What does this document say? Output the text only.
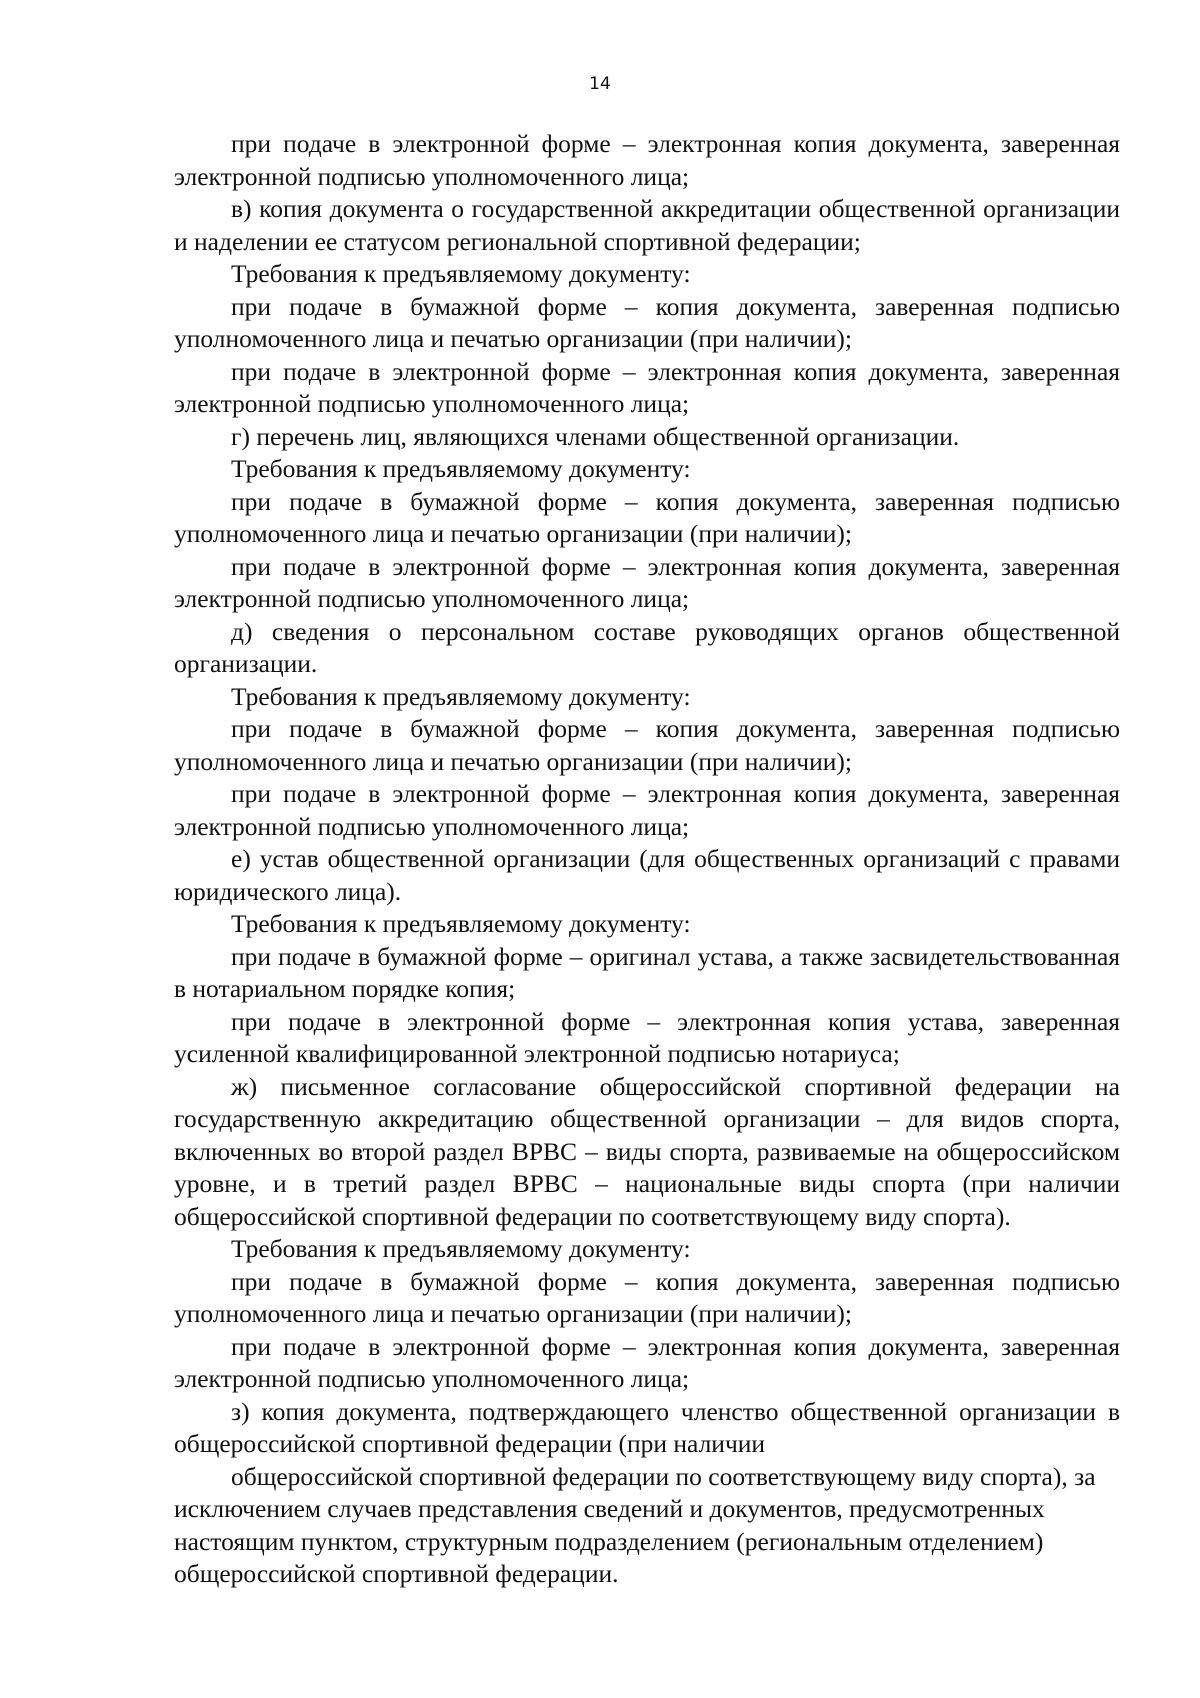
14

при подаче в электронной форме – электронная копия документа, заверенная электронной подписью уполномоченного лица;

в) копия документа о государственной аккредитации общественной организации и наделении ее статусом региональной спортивной федерации;

Требования к предъявляемому документу:

при подаче в бумажной форме – копия документа, заверенная подписью уполномоченного лица и печатью организации (при наличии);

при подаче в электронной форме – электронная копия документа, заверенная электронной подписью уполномоченного лица;

г) перечень лиц, являющихся членами общественной организации.

Требования к предъявляемому документу:

при подаче в бумажной форме – копия документа, заверенная подписью уполномоченного лица и печатью организации (при наличии);

при подаче в электронной форме – электронная копия документа, заверенная электронной подписью уполномоченного лица;

д) сведения о персональном составе руководящих органов общественной организации.

Требования к предъявляемому документу:

при подаче в бумажной форме – копия документа, заверенная подписью уполномоченного лица и печатью организации (при наличии);

при подаче в электронной форме – электронная копия документа, заверенная электронной подписью уполномоченного лица;

е) устав общественной организации (для общественных организаций с правами юридического лица).

Требования к предъявляемому документу:

при подаче в бумажной форме – оригинал устава, а также засвидетельствованная в нотариальном порядке копия;

при подаче в электронной форме – электронная копия устава, заверенная усиленной квалифицированной электронной подписью нотариуса;

ж) письменное согласование общероссийской спортивной федерации на государственную аккредитацию общественной организации – для видов спорта, включенных во второй раздел ВРВС – виды спорта, развиваемые на общероссийском уровне, и в третий раздел ВРВС – национальные виды спорта (при наличии общероссийской спортивной федерации по соответствующему виду спорта).

Требования к предъявляемому документу:

при подаче в бумажной форме – копия документа, заверенная подписью уполномоченного лица и печатью организации (при наличии);

при подаче в электронной форме – электронная копия документа, заверенная электронной подписью уполномоченного лица;

з) копия документа, подтверждающего членство общественной организации в общероссийской спортивной федерации (при наличии

общероссийской спортивной федерации по соответствующему виду спорта), за исключением случаев представления сведений и документов, предусмотренных настоящим пунктом, структурным подразделением (региональным отделением) общероссийской спортивной федерации.
